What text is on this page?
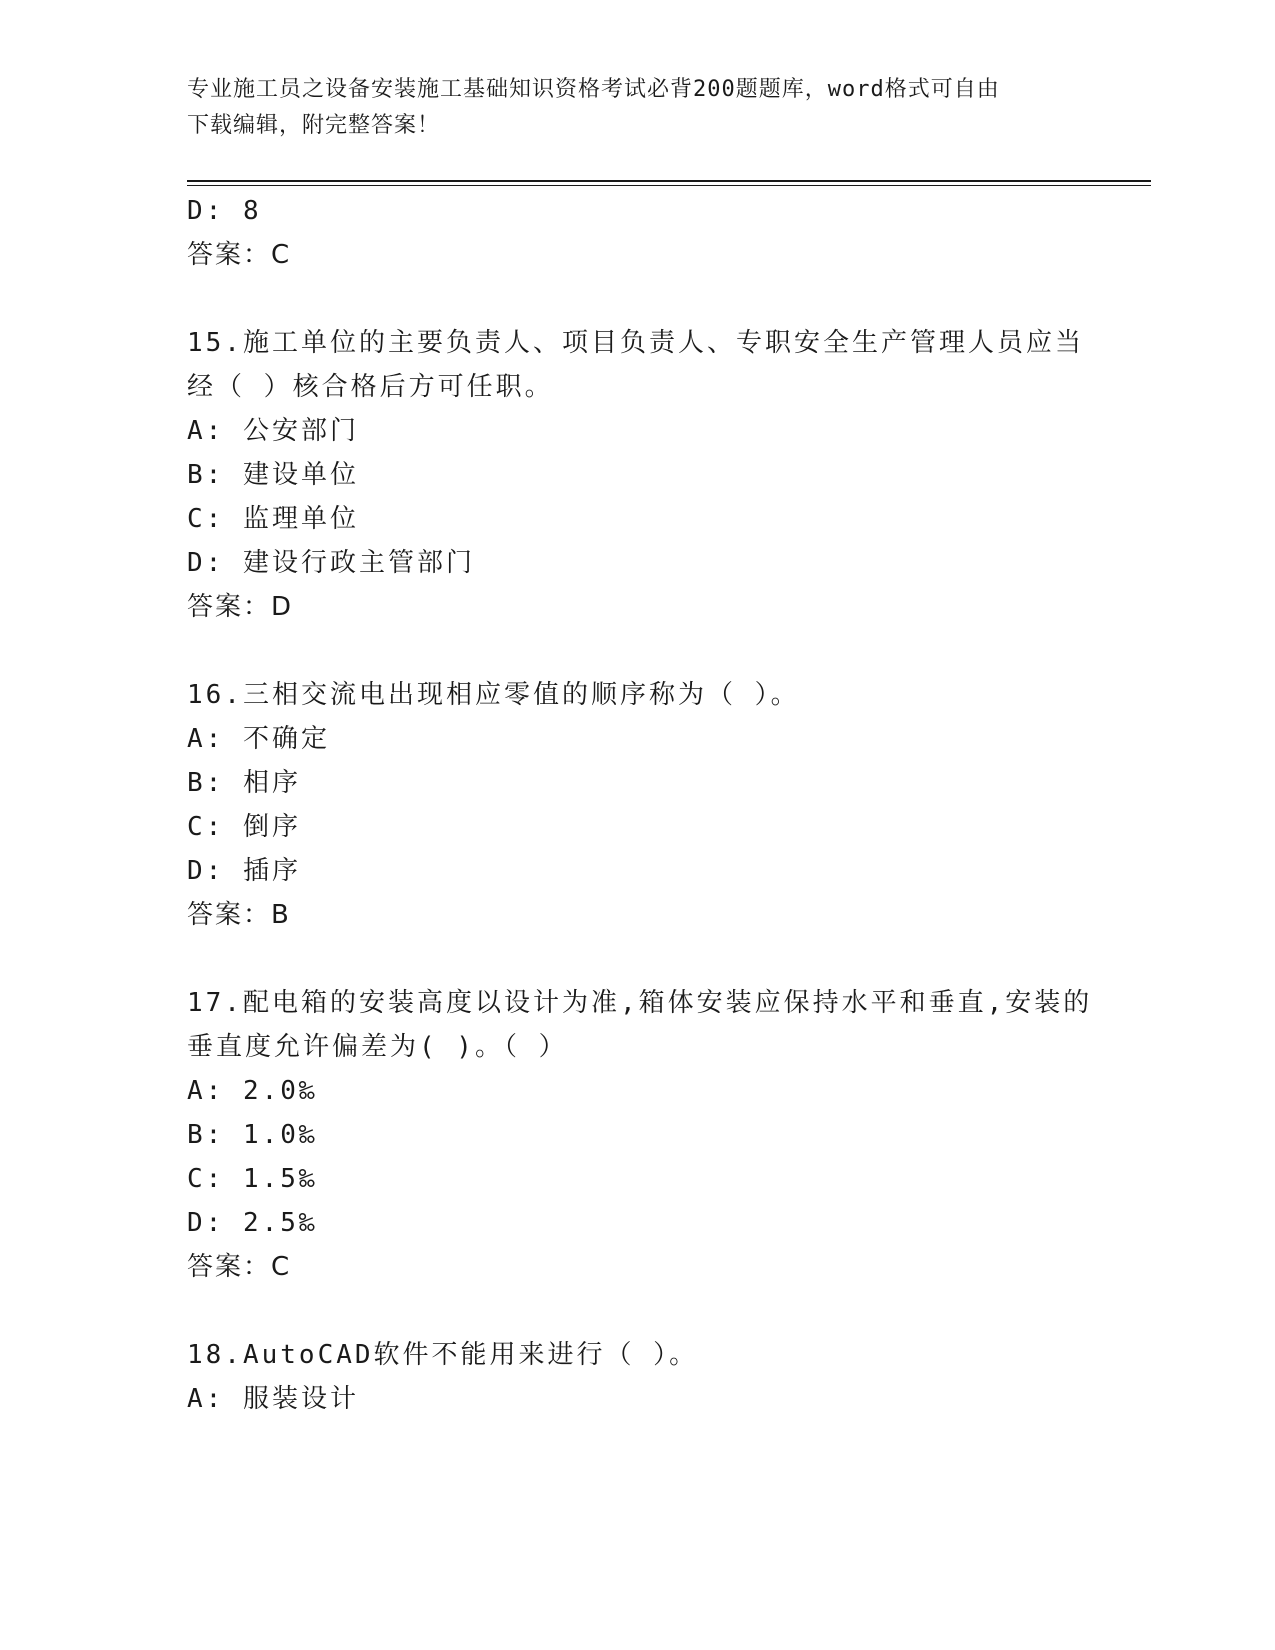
专业施工员之设备安装施工基础知识资格考试必背200题题库，word格式可自由
下载编辑，附完整答案！
D: 8
答案：C
15.施工单位的主要负责人、项目负责人、专职安全生产管理人员应当
经（ ）核合格后方可任职。
A: 公安部门
B: 建设单位
C: 监理单位
D: 建设行政主管部门
答案：D
16.三相交流电出现相应零值的顺序称为（ ）。
A: 不确定
B: 相序
C: 倒序
D: 插序
答案：B
17.配电箱的安装高度以设计为准,箱体安装应保持水平和垂直,安装的
垂直度允许偏差为( )。（ ）
A: 2.0‰
B: 1.0‰
C: 1.5‰
D: 2.5‰
答案：C
18.AutoCAD软件不能用来进行（ ）。
A: 服装设计
